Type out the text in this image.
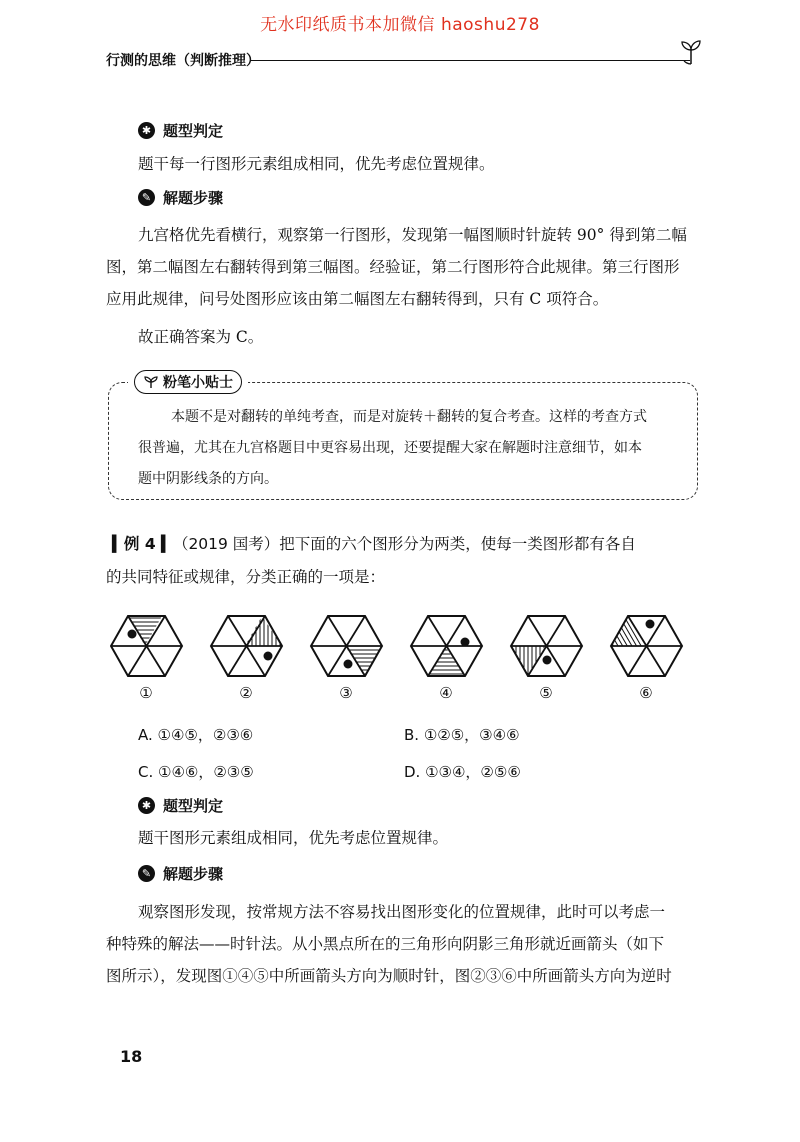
无水印纸质书本加微信 haoshu278
行测的思维（判断推理）
✱ 题型判定
题干每一行图形元素组成相同，优先考虑位置规律。
✎ 解题步骤
九宫格优先看横行，观察第一行图形，发现第一幅图顺时针旋转 90° 得到第二幅
图，第二幅图左右翻转得到第三幅图。经验证，第二行图形符合此规律。第三行图形
应用此规律，问号处图形应该由第二幅图左右翻转得到，只有 C 项符合。
故正确答案为 C。
粉笔小贴士

本题不是对翻转的单纯考查，而是对旋转＋翻转的复合考查。这样的考查方式

很普遍，尤其在九宫格题目中更容易出现，还要提醒大家在解题时注意细节，如本

题中阴影线条的方向。

▍例 4 ▍（2019 国考）把下面的六个图形分为两类，使每一类图形都有各自
的共同特征或规律，分类正确的一项是：
①	②	③	④	⑤	⑥
A. ①④⑤，②③⑥	B. ①②⑤，③④⑥
C. ①④⑥，②③⑤	D. ①③④，②⑤⑥
✱ 题型判定
题干图形元素组成相同，优先考虑位置规律。
✎ 解题步骤
观察图形发现，按常规方法不容易找出图形变化的位置规律，此时可以考虑一
种特殊的解法——时针法。从小黑点所在的三角形向阴影三角形就近画箭头（如下
图所示），发现图①④⑤中所画箭头方向为顺时针，图②③⑥中所画箭头方向为逆时
18
